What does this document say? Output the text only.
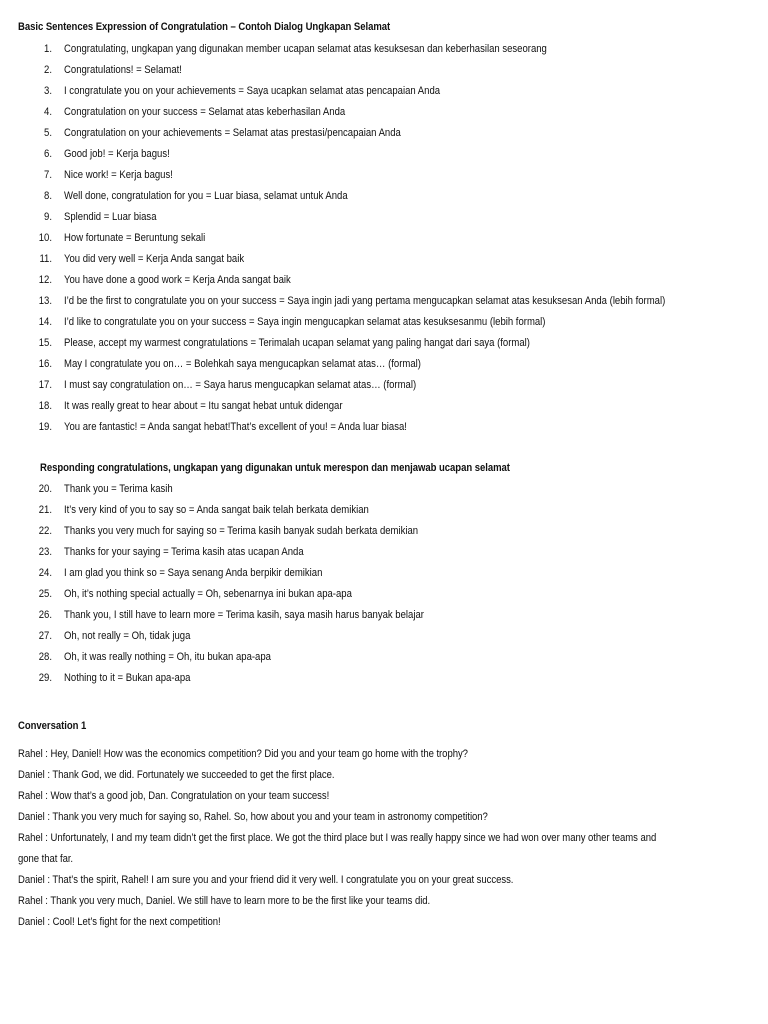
Basic Sentences Expression of Congratulation – Contoh Dialog Ungkapan Selamat
1. Congratulating, ungkapan yang digunakan member ucapan selamat atas kesuksesan dan keberhasilan seseorang
2. Congratulations! = Selamat!
3. I congratulate you on your achievements = Saya ucapkan selamat atas pencapaian Anda
4. Congratulation on your success = Selamat atas keberhasilan Anda
5. Congratulation on your achievements = Selamat atas prestasi/pencapaian Anda
6. Good job! = Kerja bagus!
7. Nice work! = Kerja bagus!
8. Well done, congratulation for you = Luar biasa, selamat untuk Anda
9. Splendid = Luar biasa
10. How fortunate = Beruntung sekali
11. You did very well = Kerja Anda sangat baik
12. You have done a good work = Kerja Anda sangat baik
13. I’d be the first to congratulate you on your success = Saya ingin jadi yang pertama mengucapkan selamat atas kesuksesan Anda (lebih formal)
14. I’d like to congratulate you on your success = Saya ingin mengucapkan selamat atas kesuksesanmu (lebih formal)
15. Please, accept my warmest congratulations = Terimalah ucapan selamat yang paling hangat dari saya (formal)
16. May I congratulate you on… = Bolehkah saya mengucapkan selamat atas… (formal)
17. I must say congratulation on… = Saya harus mengucapkan selamat atas… (formal)
18. It was really great to hear about = Itu sangat hebat untuk didengar
19. You are fantastic! = Anda sangat hebat!That’s excellent of you! = Anda luar biasa!
Responding congratulations, ungkapan yang digunakan untuk merespon dan menjawab ucapan selamat
20. Thank you = Terima kasih
21. It’s very kind of you to say so = Anda sangat baik telah berkata demikian
22. Thanks you very much for saying so = Terima kasih banyak sudah berkata demikian
23. Thanks for your saying = Terima kasih atas ucapan Anda
24. I am glad you think so = Saya senang Anda berpikir demikian
25. Oh, it’s nothing special actually = Oh, sebenarnya ini bukan apa-apa
26. Thank you, I still have to learn more = Terima kasih, saya masih harus banyak belajar
27. Oh, not really = Oh, tidak juga
28. Oh, it was really nothing = Oh, itu bukan apa-apa
29. Nothing to it = Bukan apa-apa
Conversation 1
Rahel : Hey, Daniel! How was the economics competition? Did you and your team go home with the trophy?
Daniel : Thank God, we did. Fortunately we succeeded to get the first place.
Rahel : Wow that’s a good job, Dan. Congratulation on your team success!
Daniel : Thank you very much for saying so, Rahel. So, how about you and your team in astronomy competition?
Rahel : Unfortunately, I and my team didn’t get the first place. We got the third place but I was really happy since we had won over many other teams and
gone that far.
Daniel : That’s the spirit, Rahel! I am sure you and your friend did it very well. I congratulate you on your great success.
Rahel : Thank you very much, Daniel. We still have to learn more to be the first like your teams did.
Daniel : Cool! Let’s fight for the next competition!
